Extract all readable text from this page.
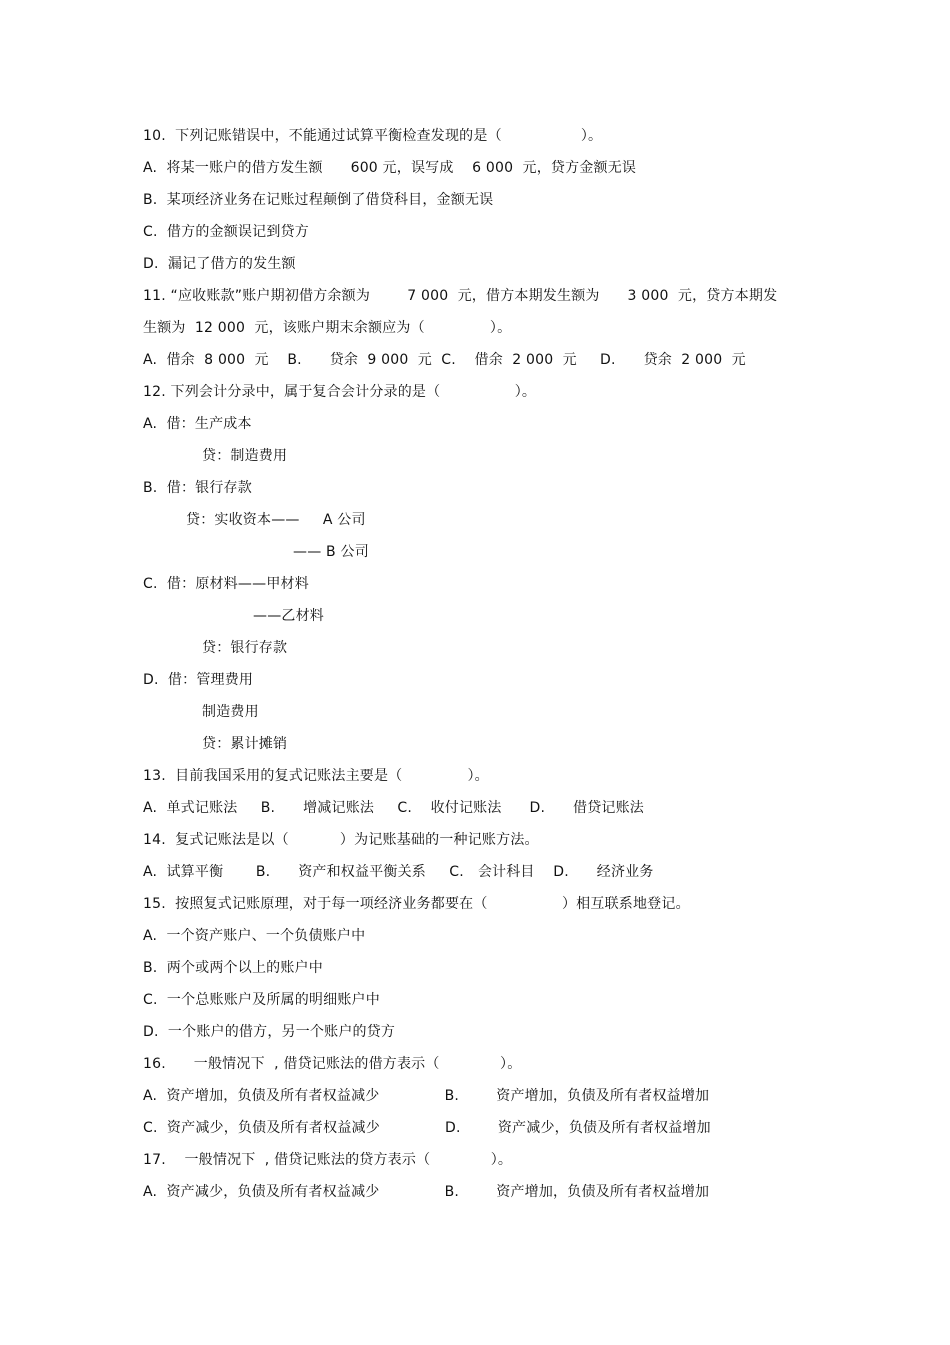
10.  下列记账错误中，不能通过试算平衡检查发现的是（                 ）。
A.  将某一账户的借方发生额      600 元，误写成    6 000  元，贷方金额无误
B.  某项经济业务在记账过程颠倒了借贷科目，金额无误
C.  借方的金额误记到贷方
D.  漏记了借方的发生额
11. “应收账款”账户期初借方余额为        7 000  元，借方本期发生额为      3 000  元，贷方本期发
生额为  12 000  元，该账户期末余额应为（              ）。
A.  借余  8 000  元    B.      贷余  9 000  元  C.    借余  2 000  元     D.      贷余  2 000  元
12. 下列会计分录中，属于复合会计分录的是（                ）。
A.  借：生产成本
贷：制造费用
B.  借：银行存款
贷：实收资本——     A 公司
—— B 公司
C.  借：原材料——甲材料
——乙材料
贷：银行存款
D.  借：管理费用
制造费用
贷：累计摊销
13.  目前我国采用的复式记账法主要是（              ）。
A.  单式记账法     B.      增减记账法     C.    收付记账法      D.      借贷记账法
14.  复式记账法是以（           ）为记账基础的一种记账方法。
A.  试算平衡       B.      资产和权益平衡关系     C.   会计科目    D.      经济业务
15.  按照复式记账原理，对于每一项经济业务都要在（                ）相互联系地登记。
A.  一个资产账户、一个负债账户中
B.  两个或两个以上的账户中
C.  一个总账账户及所属的明细账户中
D.  一个账户的借方，另一个账户的贷方
16.      一般情况下  , 借贷记账法的借方表示（             ）。
A.  资产增加，负债及所有者权益减少              B.        资产增加，负债及所有者权益增加
C.  资产减少，负债及所有者权益减少              D.        资产减少，负债及所有者权益增加
17.    一般情况下  , 借贷记账法的贷方表示（             ）。
A.  资产减少，负债及所有者权益减少              B.        资产增加，负债及所有者权益增加
